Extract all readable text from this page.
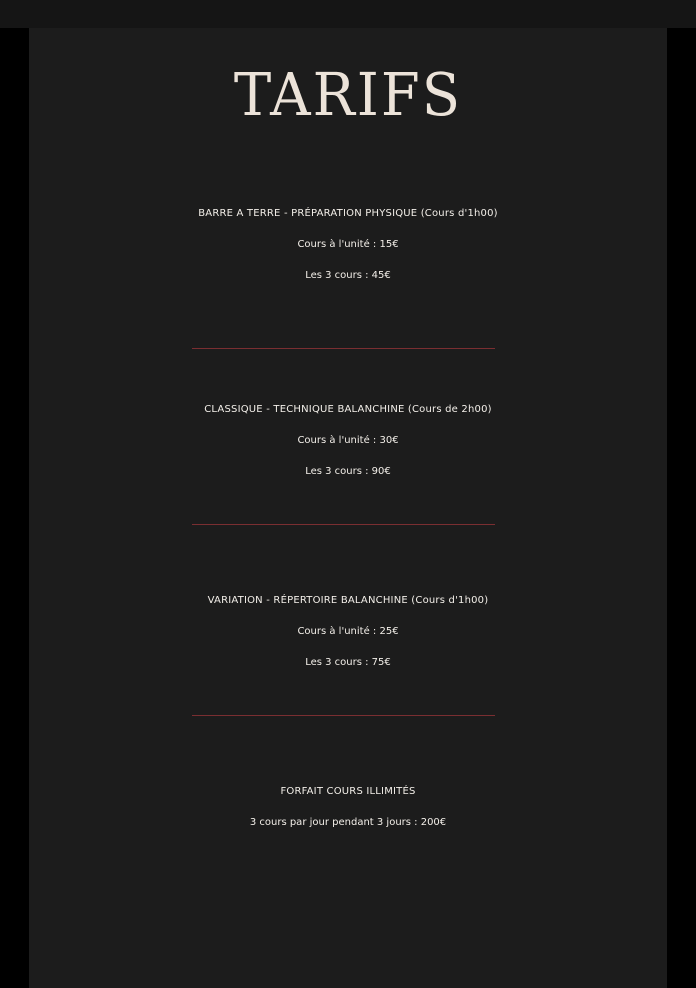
TARIFS
BARRE A TERRE - PRÉPARATION PHYSIQUE (Cours d'1h00)
Cours à l'unité : 15€
Les 3 cours : 45€
CLASSIQUE - TECHNIQUE BALANCHINE (Cours de 2h00)
Cours à l'unité : 30€
Les 3 cours : 90€
VARIATION - RÉPERTOIRE BALANCHINE (Cours d'1h00)
Cours à l'unité : 25€
Les 3 cours : 75€
FORFAIT COURS ILLIMITÉS
3 cours par jour pendant 3 jours : 200€
